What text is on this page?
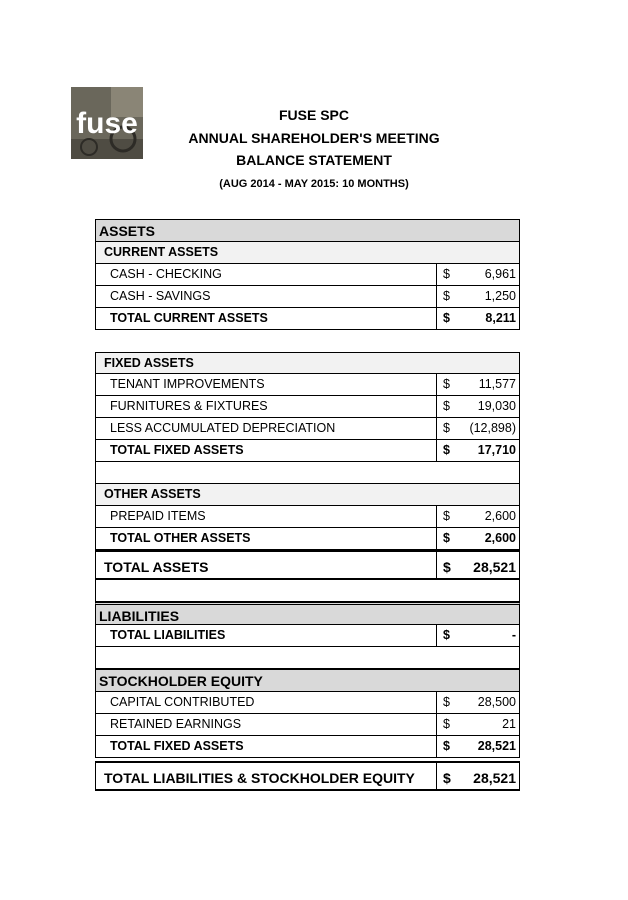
fuse	FUSE SPC
ANNUAL SHAREHOLDER'S MEETING
BALANCE STATEMENT
(AUG 2014 - MAY 2015: 10 MONTHS)
ASSETS
CURRENT ASSETS
CASH - CHECKING	$	6,961
CASH - SAVINGS	$	1,250
TOTAL CURRENT ASSETS	$	8,211
FIXED ASSETS
TENANT IMPROVEMENTS	$ 11,577
FURNITURES & FIXTURES	$ 19,030
LESS ACCUMULATED DEPRECIATION	$ (12,898)
TOTAL FIXED ASSETS	$ 17,710
OTHER ASSETS
PREPAID ITEMS	$	2,600
TOTAL OTHER ASSETS	$	2,600
TOTAL ASSETS	$ 28,521
LIABILITIES
TOTAL LIABILITIES	$	-
STOCKHOLDER EQUITY
CAPITAL CONTRIBUTED	$ 28,500
RETAINED EARNINGS	$	21
TOTAL FIXED ASSETS	$ 28,521
TOTAL LIABILITIES & STOCKHOLDER EQUITY $ 28,521
